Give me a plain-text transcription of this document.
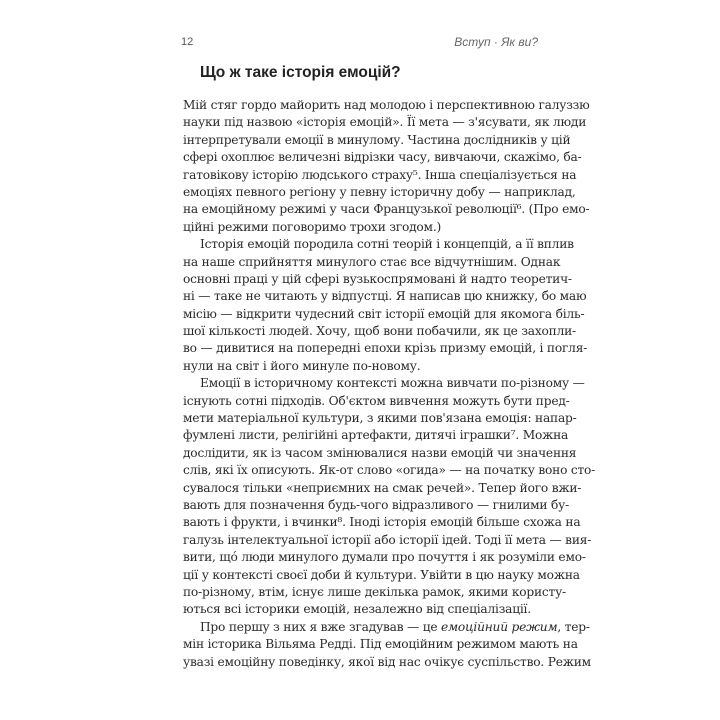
12	Вступ · Як ви?
Що ж таке історія емоцій?
Мій стяг гордо майорить над молодою і перспективною галуззю
науки під назвою «історія емоцій». Її мета — з'ясувати, як люди
інтерпретували емоції в минулому. Частина дослідників у цій
сфері охоплює величезні відрізки часу, вивчаючи, скажімо, ба-
гатовікову історію людського страху⁵. Інша спеціалізується на
емоціях певного регіону у певну історичну добу — наприклад,
на емоційному режимі у часи Французької революції⁶. (Про емо-
ційні режими поговоримо трохи згодом.)
Історія емоцій породила сотні теорій і концепцій, а її вплив
на наше сприйняття минулого стає все відчутнішим. Однак
основні праці у цій сфері вузькоспрямовані й надто теоретич-
ні — таке не читають у відпустці. Я написав цю книжку, бо маю
місію — відкрити чудесний світ історії емоцій для якомога біль-
шої кількості людей. Хочу, щоб вони побачили, як це захопли-
во — дивитися на попередні епохи крізь призму емоцій, і погля-
нули на світ і його минуле по-новому.
Емоції в історичному контексті можна вивчати по-різному —
існують сотні підходів. Об'єктом вивчення можуть бути пред-
мети матеріальної культури, з якими пов'язана емоція: напар-
фумлені листи, релігійні артефакти, дитячі іграшки⁷. Можна
дослідити, як із часом змінювалися назви емоцій чи значення
слів, які їх описують. Як-от слово «огида» — на початку воно сто-
сувалося тільки «неприємних на смак речей». Тепер його вжи-
вають для позначення будь-чого відразливого — гнилими бу-
вають і фрукти, і вчинки⁸. Іноді історія емоцій більше схожа на
галузь інтелектуальної історії або історії ідей. Тоді її мета — вия-
вити, щó люди минулого думали про почуття і як розуміли емо-
ції у контексті своєї доби й культури. Увійти в цю науку можна
по-різному, втім, існує лише декілька рамок, якими користу-
ються всі історики емоцій, незалежно від спеціалізації.
Про першу з них я вже згадував — це емоційний режим, тер-
мін історика Вільяма Редді. Під емоційним режимом мають на
увазі емоційну поведінку, якої від нас очікує суспільство. Режим
